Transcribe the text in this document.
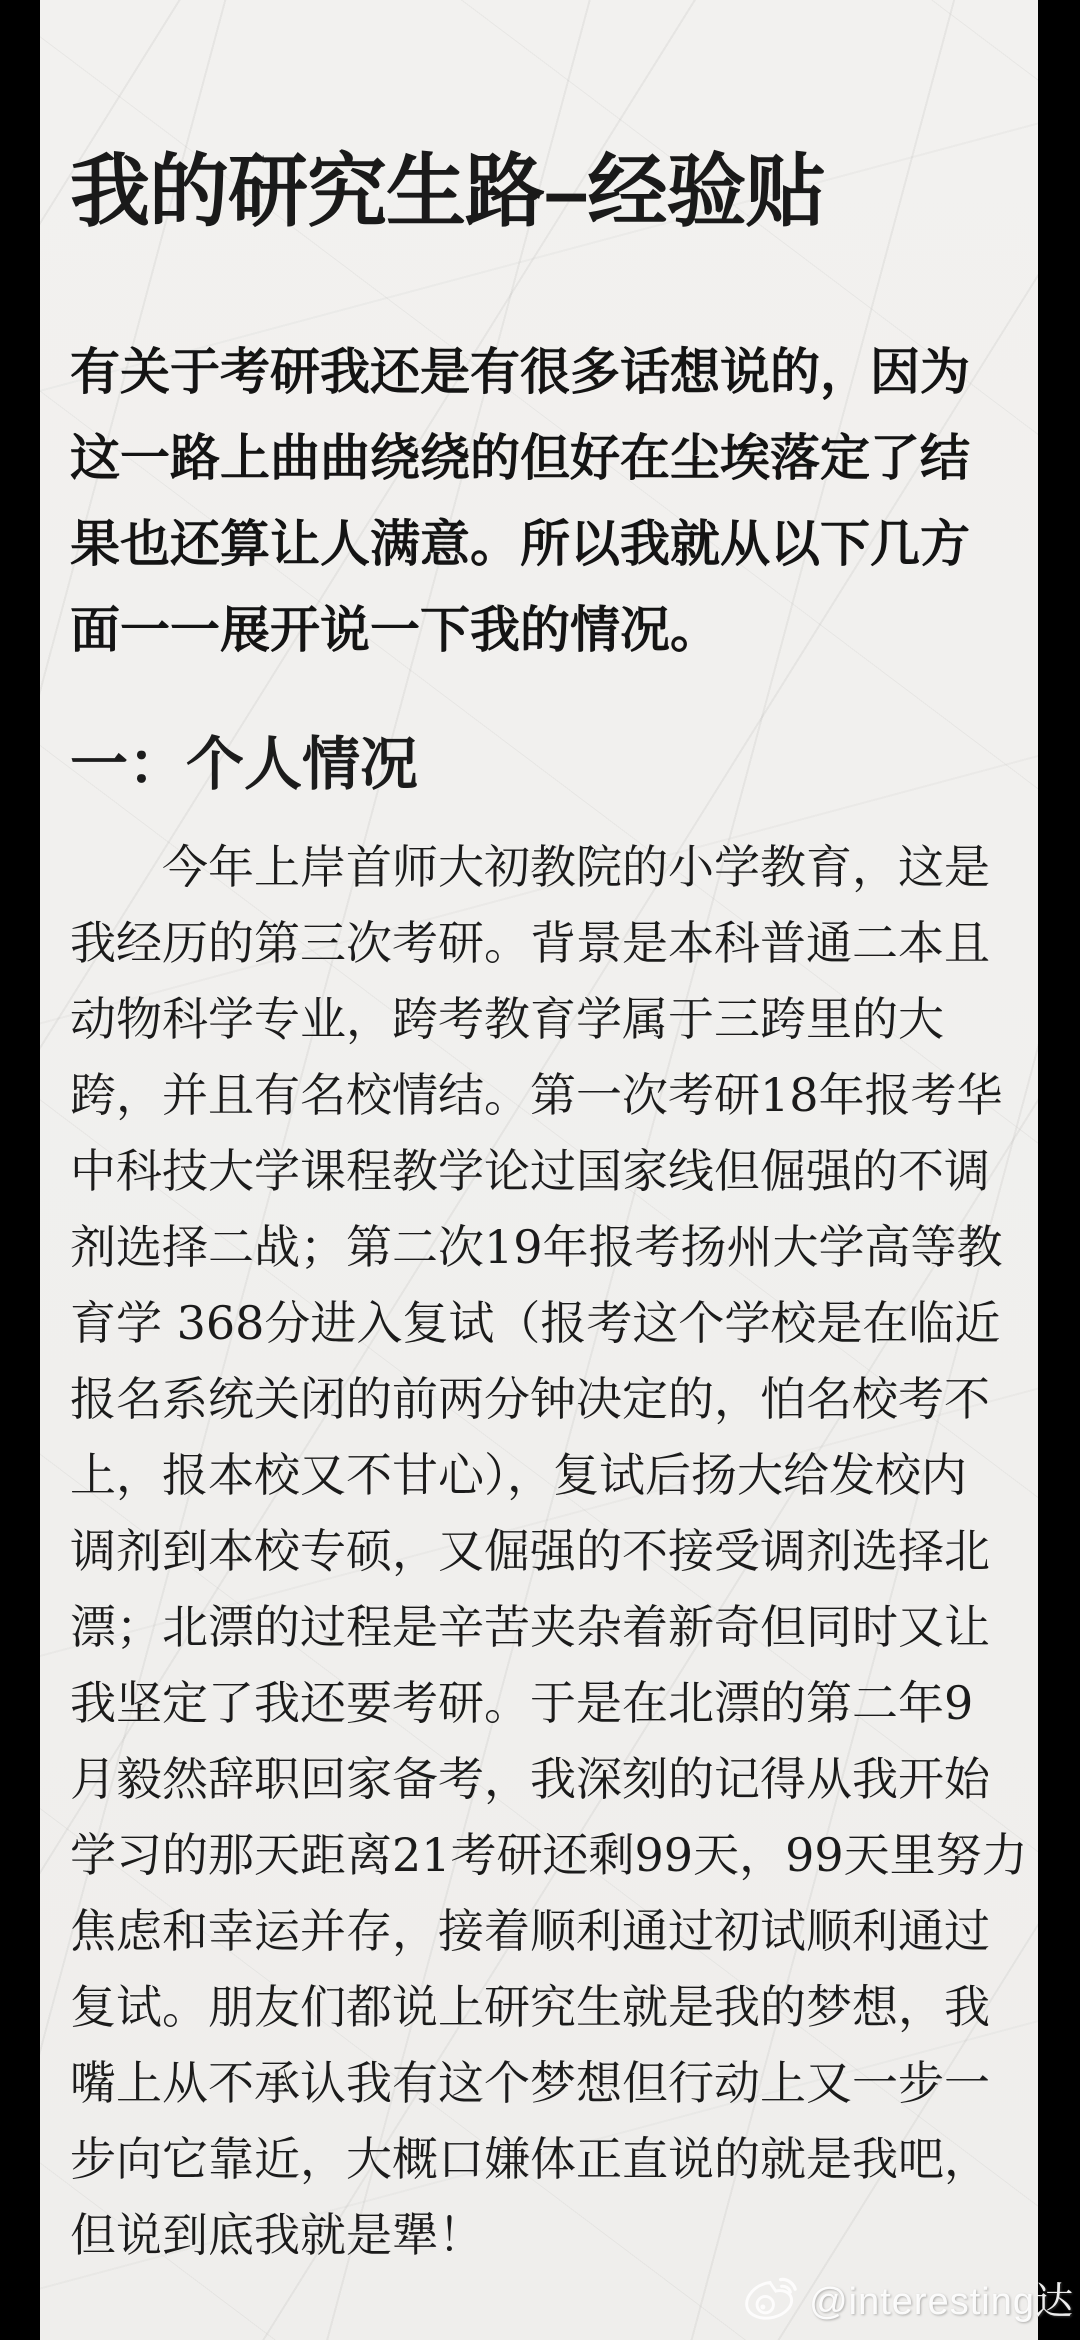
我的研究生路–经验贴
有关于考研我还是有很多话想说的，因为
这一路上曲曲绕绕的但好在尘埃落定了结
果也还算让人满意。所以我就从以下几方
面一一展开说一下我的情况。
一：个人情况
今年上岸首师大初教院的小学教育，这是
我经历的第三次考研。背景是本科普通二本且
动物科学专业，跨考教育学属于三跨里的大
跨，并且有名校情结。第一次考研18年报考华
中科技大学课程教学论过国家线但倔强的不调
剂选择二战；第二次19年报考扬州大学高等教
育学 368分进入复试（报考这个学校是在临近
报名系统关闭的前两分钟决定的，怕名校考不
上，报本校又不甘心），复试后扬大给发校内
调剂到本校专硕，又倔强的不接受调剂选择北
漂；北漂的过程是辛苦夹杂着新奇但同时又让
我坚定了我还要考研。于是在北漂的第二年9
月毅然辞职回家备考，我深刻的记得从我开始
学习的那天距离21考研还剩99天，99天里努力
焦虑和幸运并存，接着顺利通过初试顺利通过
复试。朋友们都说上研究生就是我的梦想，我
嘴上从不承认我有这个梦想但行动上又一步一
步向它靠近，大概口嫌体正直说的就是我吧，
但说到底我就是犟！
@interesting达
